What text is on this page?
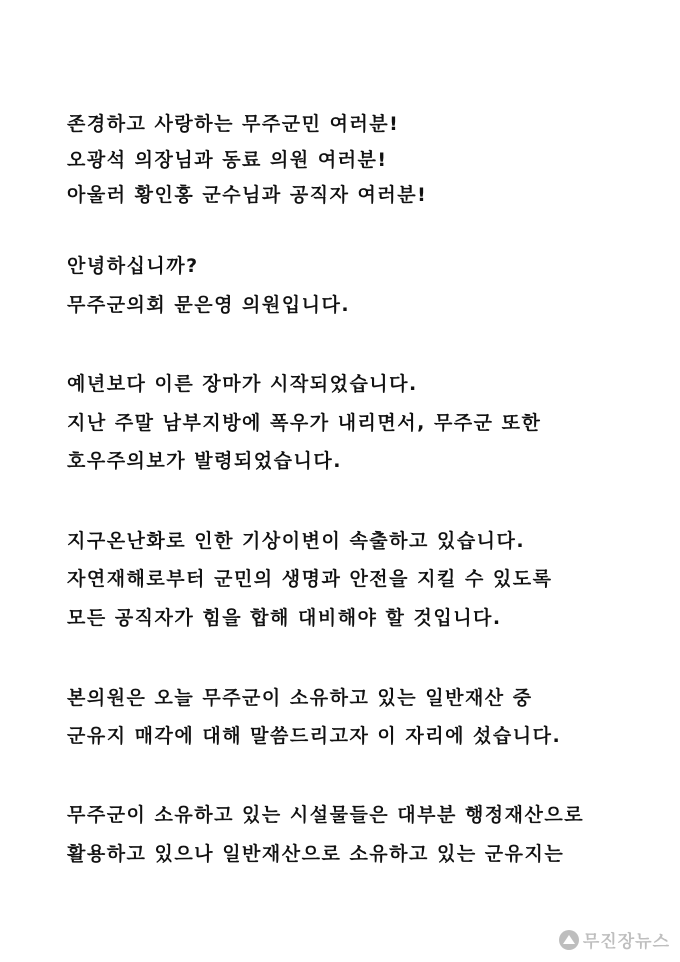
존경하고 사랑하는 무주군민 여러분!
오광석 의장님과 동료 의원 여러분!
아울러 황인홍 군수님과 공직자 여러분!
안녕하십니까?
무주군의회 문은영 의원입니다.
예년보다 이른 장마가 시작되었습니다.
지난 주말 남부지방에 폭우가 내리면서, 무주군 또한
호우주의보가 발령되었습니다.
지구온난화로 인한 기상이변이 속출하고 있습니다.
자연재해로부터 군민의 생명과 안전을 지킬 수 있도록
모든 공직자가 힘을 합해 대비해야 할 것입니다.
본의원은 오늘 무주군이 소유하고 있는 일반재산 중
군유지 매각에 대해 말씀드리고자 이 자리에 섰습니다.
무주군이 소유하고 있는 시설물들은 대부분 행정재산으로
활용하고 있으나 일반재산으로 소유하고 있는 군유지는
무진장뉴스
